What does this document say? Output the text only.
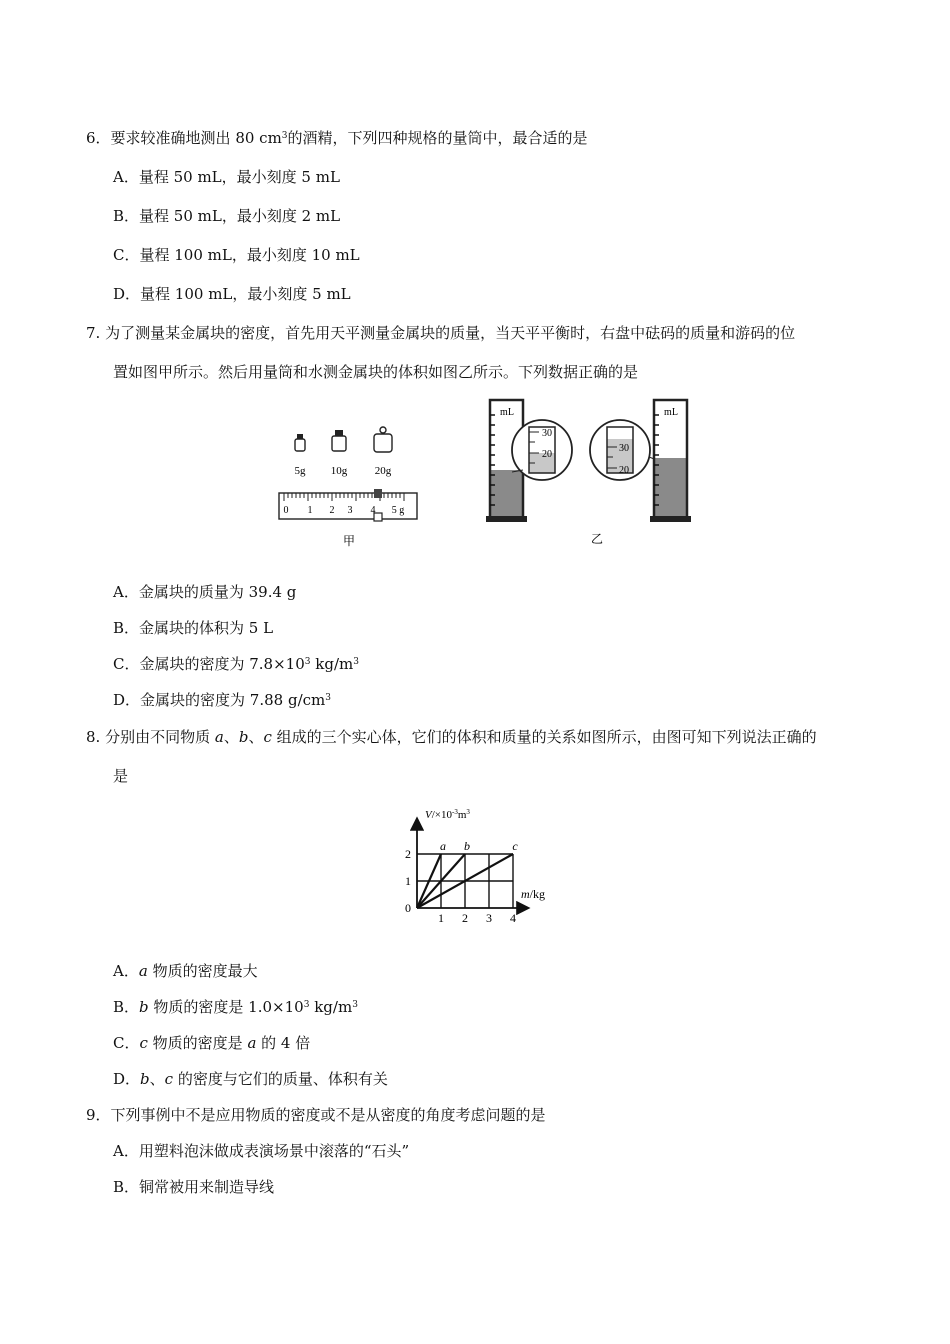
6．要求较准确地测出 80 $cm^3$的酒精，下列四种规格的量筒中，最合适的是
A．量程 50 mL，最小刻度 5 mL
B．量程 50 mL，最小刻度 2 mL
C．量程 100 mL，最小刻度 10 mL
D．量程 100 mL，最小刻度 5 mL
7. 为了测量某金属块的密度，首先用天平测量金属块的质量，当天平平衡时，右盘中砝码的质量和游码的位
置如图甲所示。然后用量筒和水测金属块的体积如图乙所示。下列数据正确的是
5g 10g	20g
0 1 2 3 4 5 g
甲
mL
30
20
30
20
mL
乙
A．金属块的质量为 39.4 g
B．金属块的体积为 5 L
C．金属块的密度为 $7.8\times 10^3$ $kg/m^3$
D．金属块的密度为 7.88 $g/cm^3$
8. 分别由不同物质 a、b、c 组成的三个实心体，它们的体积和质量的关系如图所示，由图可知下列说法正确的
是
a b	c
1 2 3 4
1
2
0
$V/\times 10^{-3}m^3$
m/kg
A．a 物质的密度最大
B．b 物质的密度是 $1.0\times 10^3$ $kg/m^3$
C．c 物质的密度是 a 的 4 倍
D．b、c 的密度与它们的质量、体积有关
9．下列事例中不是应用物质的密度或不是从密度的角度考虑问题的是
A．用塑料泡沫做成表演场景中滚落的“石头”
B．铜常被用来制造导线
